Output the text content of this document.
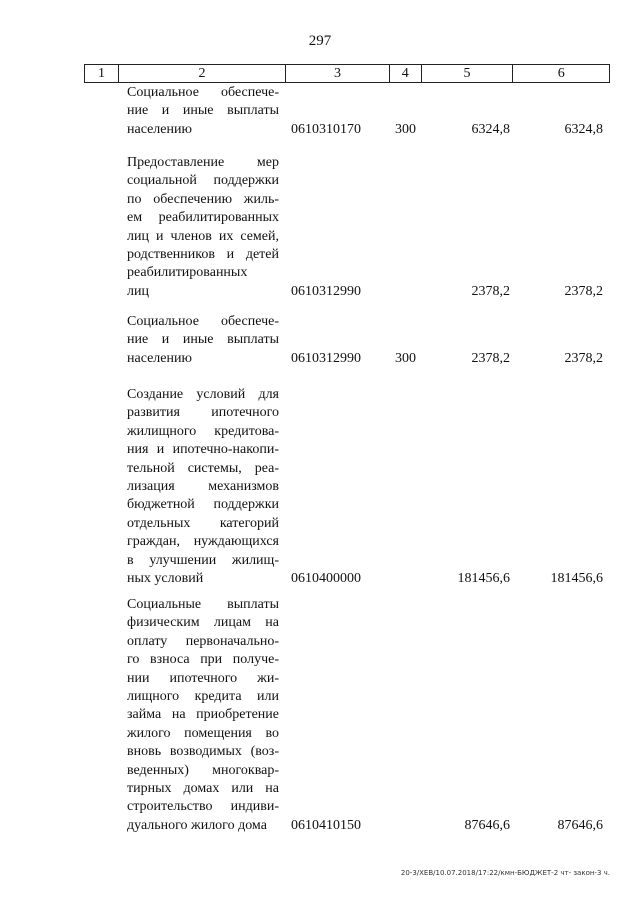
297
1	2	3	4	5	6
Социальное обеспече-
ние и иные выплаты
населению	0610310170 300	6324,8	6324,8
Предоставление мер
социальной поддержки
по обеспечению жиль-
ем реабилитированных
лиц и членов их семей,
родственников и детей
реабилитированных
лиц	0610312990	2378,2	2378,2
Социальное обеспече-
ние и иные выплаты
населению	0610312990 300	2378,2	2378,2
Создание условий для
развития ипотечного
жилищного кредитова-
ния и ипотечно-накопи-
тельной системы, реа-
лизация механизмов
бюджетной поддержки
отдельных категорий
граждан, нуждающихся
в улучшении жилищ-
ных условий	0610400000	181456,6	181456,6
Социальные выплаты
физическим лицам на
оплату первоначально-
го взноса при получе-
нии ипотечного жи-
лищного кредита или
займа на приобретение
жилого помещения во
вновь возводимых (воз-
веденных) многоквар-
тирных домах или на
строительство индиви-
дуального жилого дома	0610410150	87646,6	87646,6
20-3/ХЕВ/10.07.2018/17:22/кмн-БЮДЖЕТ-2 чт- закон-3 ч.
